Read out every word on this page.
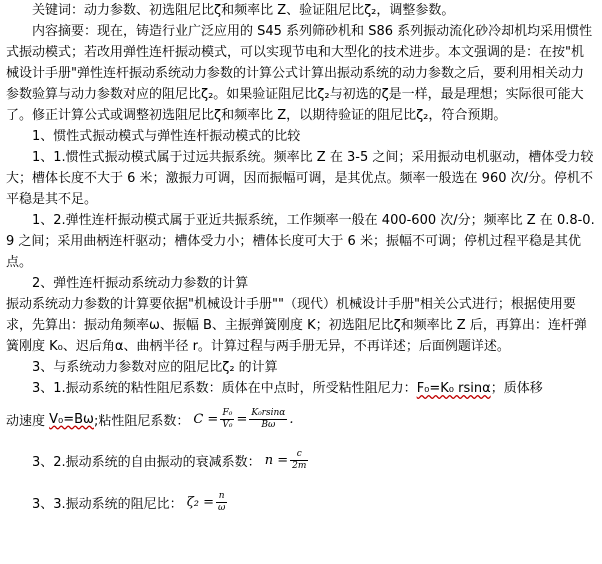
关键词：动力参数、初选阻尼比ζ和频率比 Z、验证阻尼比ζ₂，调整参数。

内容摘要：现在，铸造行业广泛应用的 S45 系列筛砂机和 S86 系列振动流化砂冷却机均采用惯性式振动模式；若改用弹性连杆振动模式，可以实现节电和大型化的技术进步。本文强调的是：在按"机械设计手册"弹性连杆振动系统动力参数的计算公式计算出振动系统的动力参数之后，要利用相关动力参数验算与动力参数对应的阻尼比ζ₂。如果验证阻尼比ζ₂与初选的ζ是一样，最是理想；实际很可能大了。修正计算公式或调整初选阻尼比ζ和频率比 Z，以期待验证的阻尼比ζ₂，符合预期。

1、惯性式振动模式与弹性连杆振动模式的比较

1、1.惯性式振动模式属于过远共振系统。频率比 Z 在 3-5 之间；采用振动电机驱动，槽体受力较大；槽体长度不大于 6 米；激振力可调，因而振幅可调，是其优点。频率一般选在 960 次/分。停机不平稳是其不足。

1、2.弹性连杆振动模式属于亚近共振系统，工作频率一般在 400-600 次/分；频率比 Z 在 0.8-0.9 之间；采用曲柄连杆驱动；槽体受力小；槽体长度可大于 6 米；振幅不可调；停机过程平稳是其优点。

2、弹性连杆振动系统动力参数的计算

振动系统动力参数的计算要依据"机械设计手册""（现代）机械设计手册"相关公式进行；根据使用要求，先算出：振动角频率ω、振幅 B、主振弹簧刚度 K；初选阻尼比ζ和频率比 Z 后，再算出：连杆弹簧刚度 K₀、迟后角α、曲柄半径 r。计算过程与两手册无异，不再详述；后面例题详述。

3、与系统动力参数对应的阻尼比ζ₂ 的计算

3、1.振动系统的粘性阻尼系数：质体在中点时，所受粘性阻尼力：F₀=K₀ rsinα；质体移

动速度 V₀=Bω ;粘性阻尼系数： $C = \frac{\text{F₀}}{\text{V₀}} = \frac{\text{K₀rsinα}}{B\omega}$ .
3、2.振动系统的自由振动的衰减系数： $n = \frac{c}{2m}$
3、3.振动系统的阻尼比： $\zeta_2 = \frac{n}{\omega}$
